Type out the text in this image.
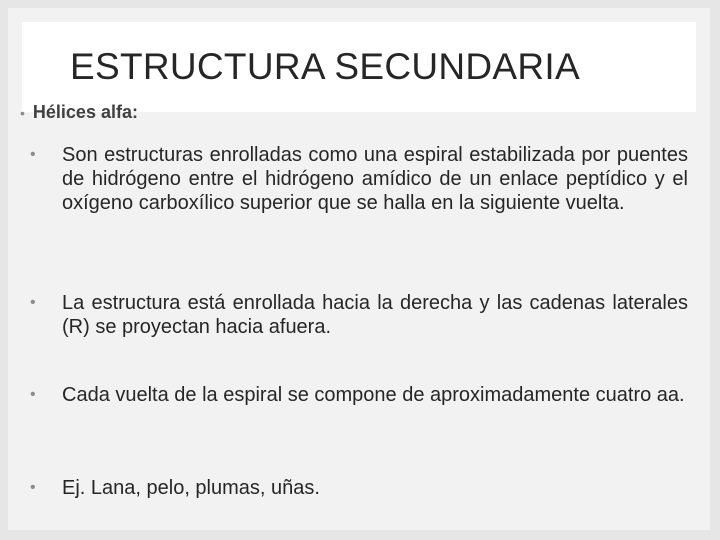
ESTRUCTURA SECUNDARIA
• Hélices alfa:
• Son estructuras enrolladas como una espiral estabilizada por puentes de hidrógeno entre el hidrógeno amídico de un enlace peptídico y el oxígeno carboxílico superior que se halla en la siguiente vuelta.
• La estructura está enrollada hacia la derecha y las cadenas laterales (R) se proyectan hacia afuera.
• Cada vuelta de la espiral se compone de aproximadamente cuatro aa.
• Ej. Lana, pelo, plumas, uñas.
